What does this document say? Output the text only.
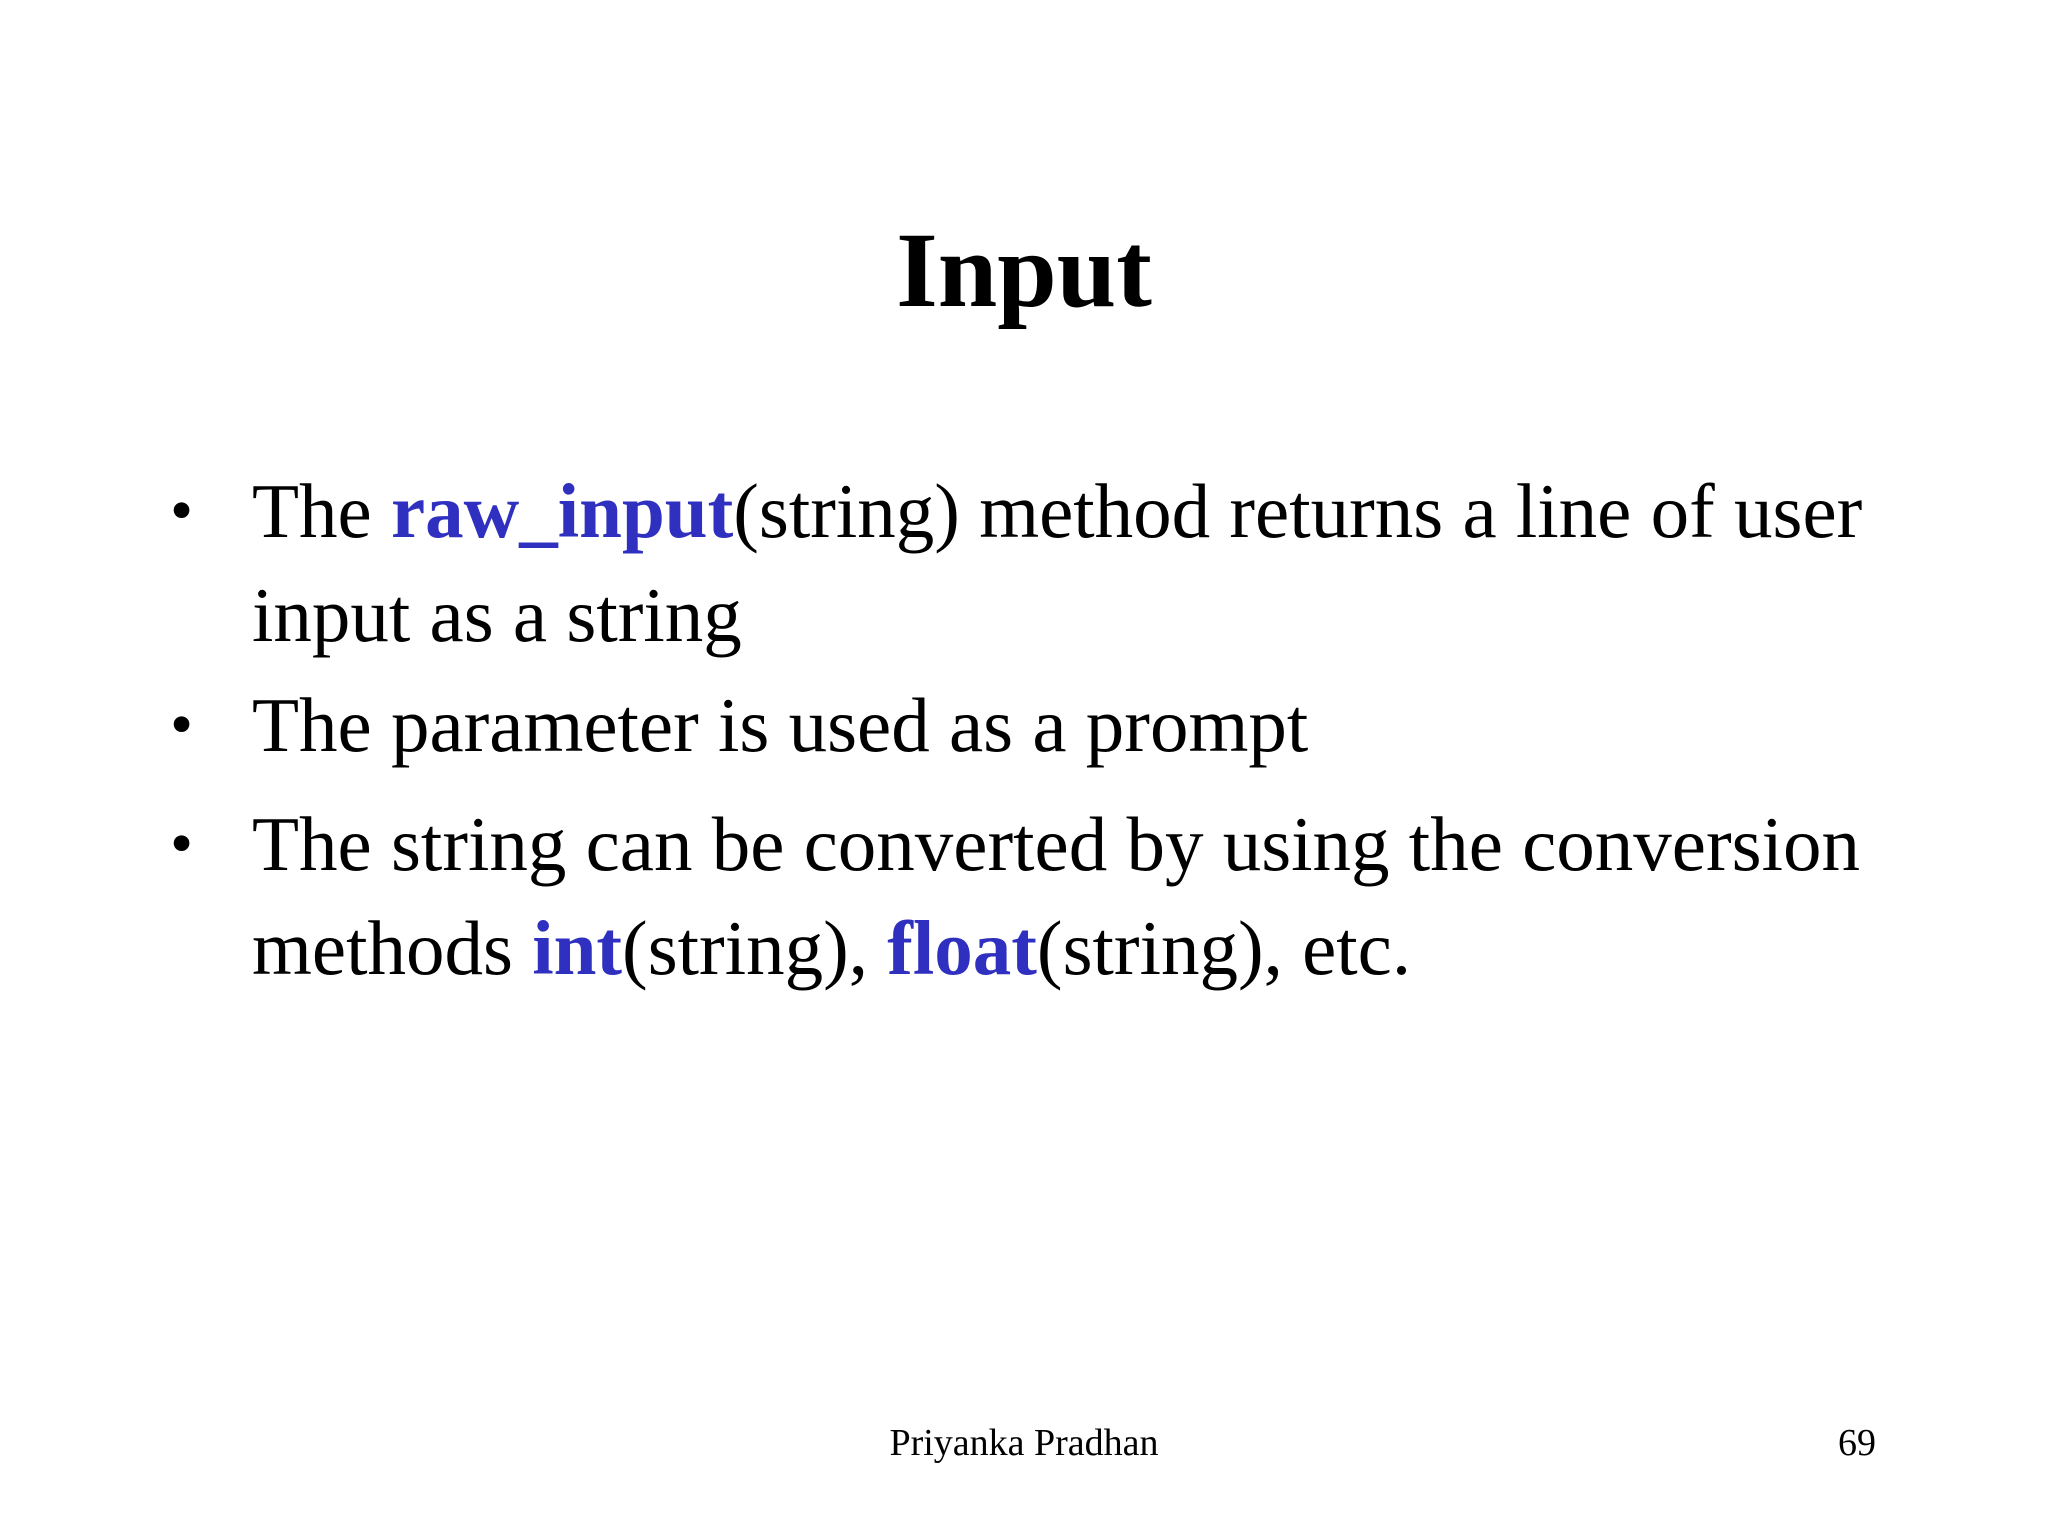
Input
• The raw_input(string) method returns a line of user input as a string
• The parameter is used as a prompt
• The string can be converted by using the conversion methods int(string), float(string), etc.
Priyanka Pradhan	69
